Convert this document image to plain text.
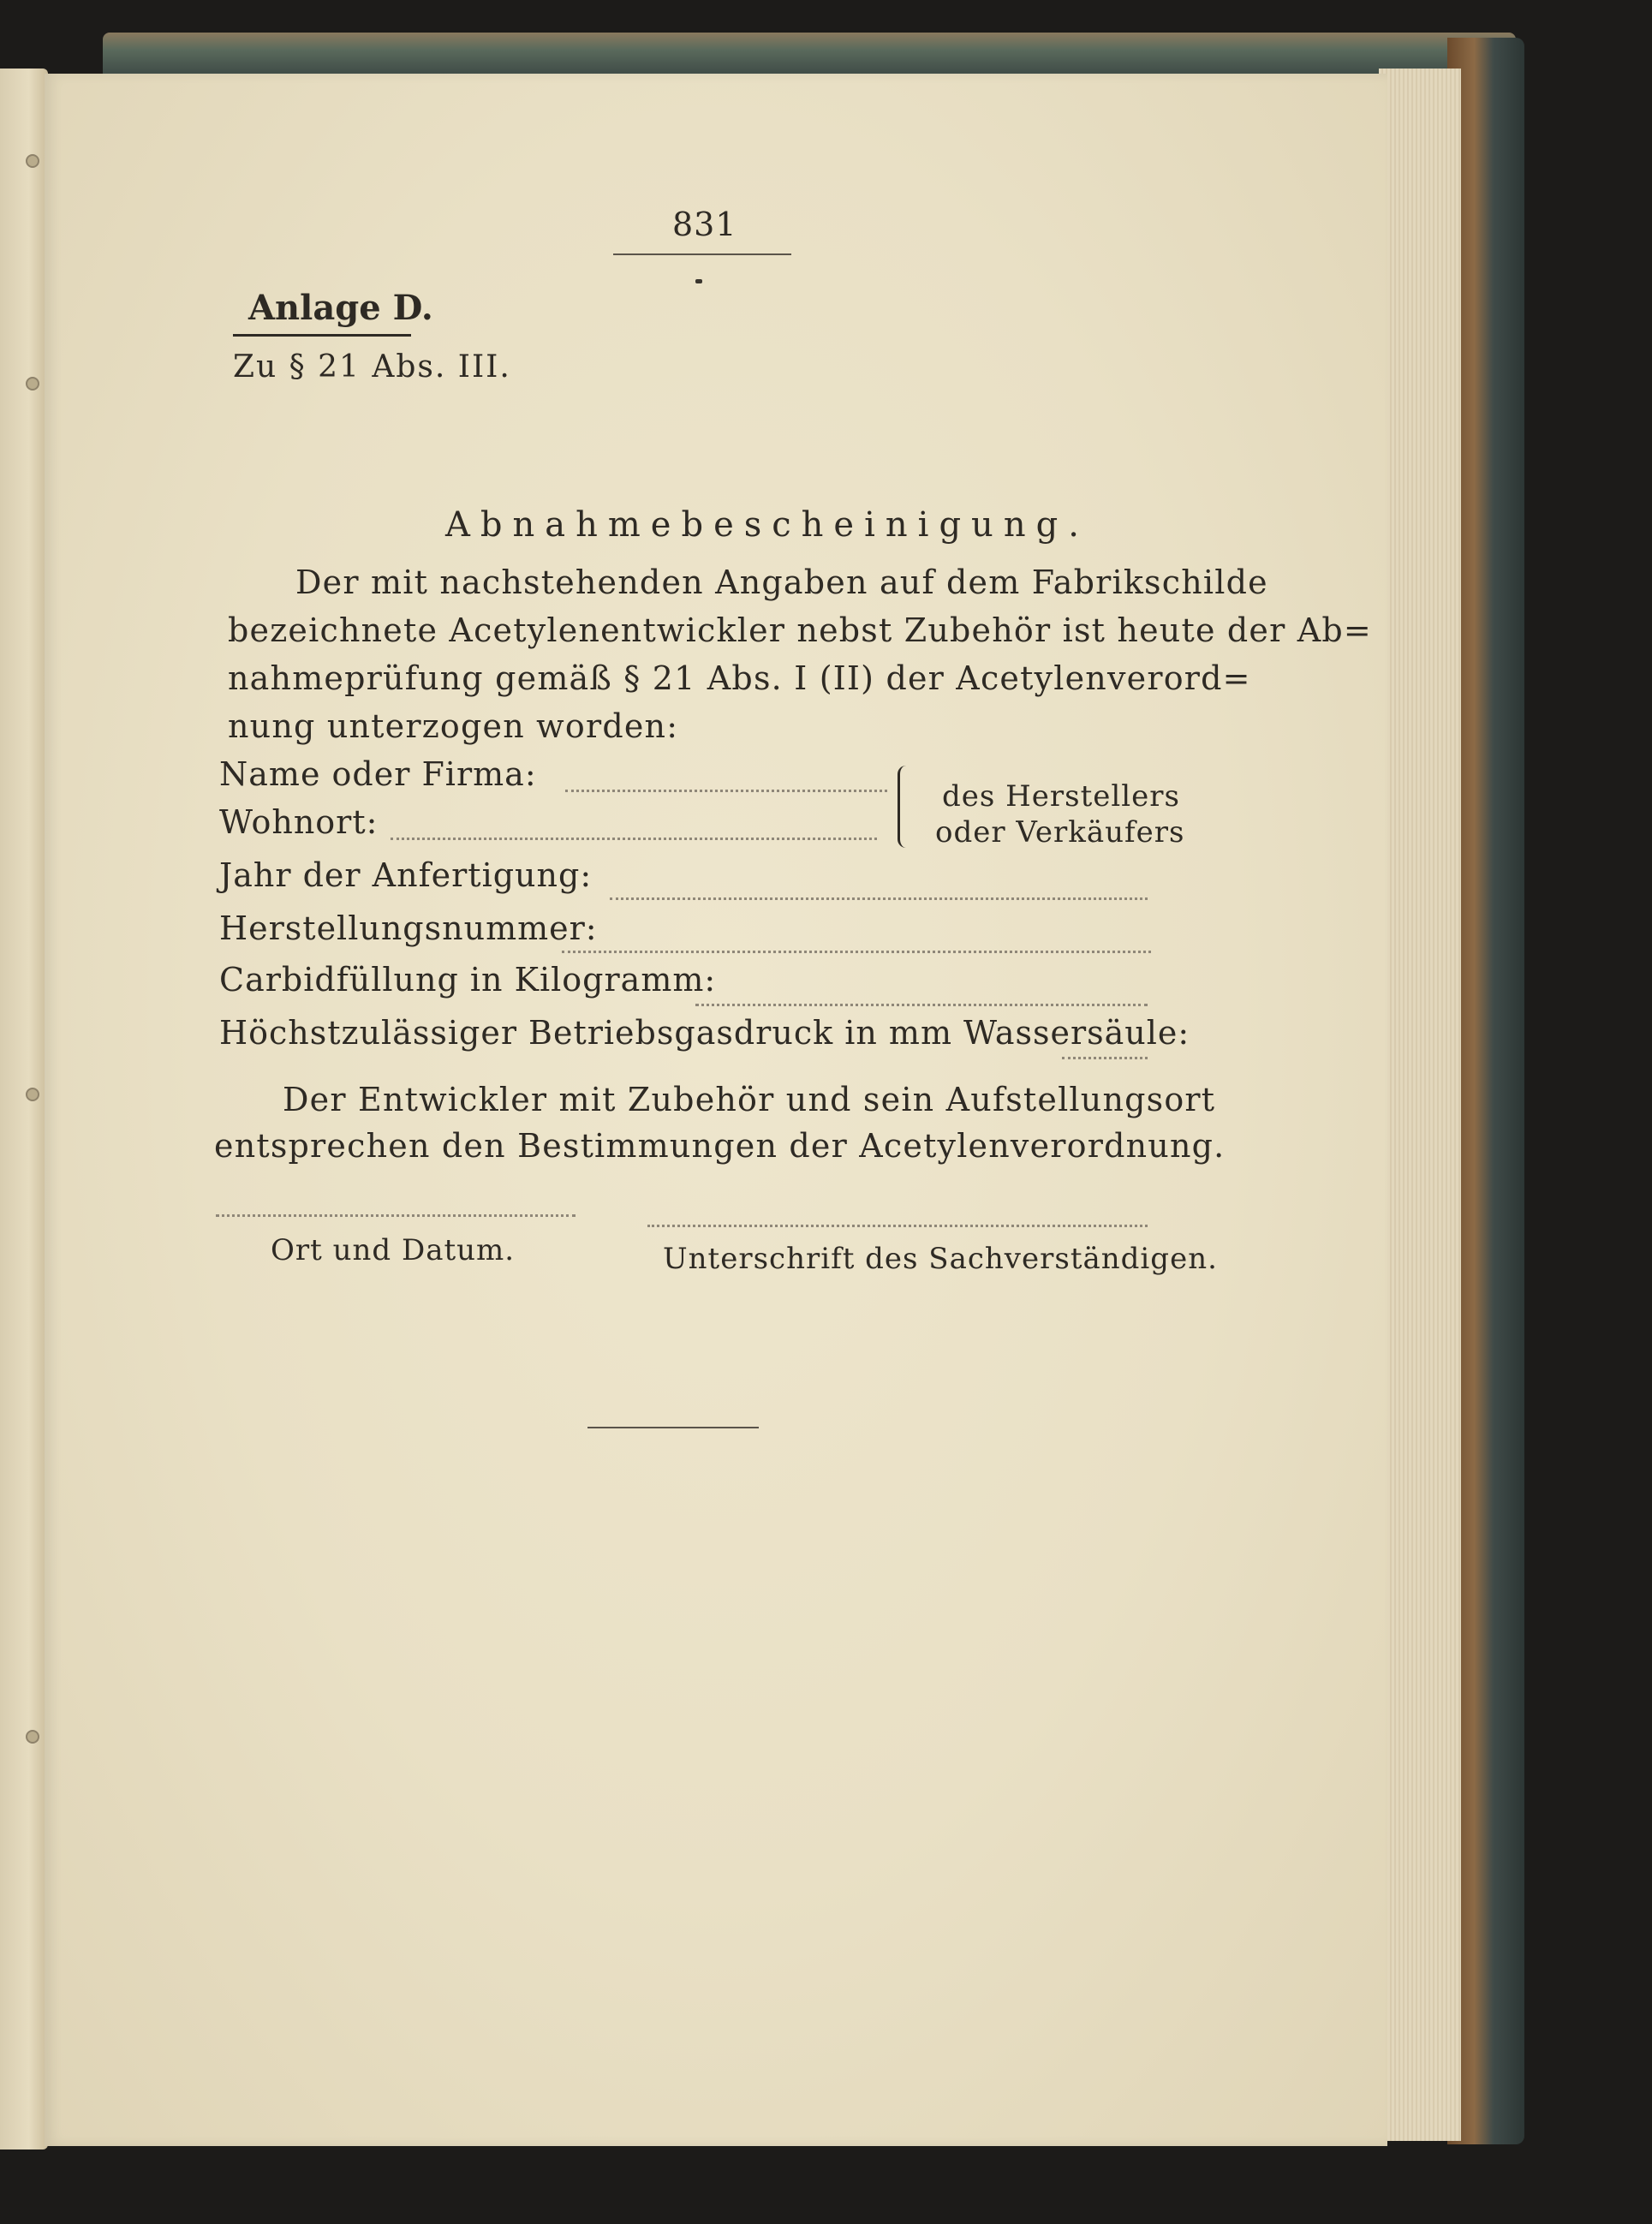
831
Anlage D.
Zu § 21 Abs. III.
Abnahmebescheinigung.
Der mit nachstehenden Angaben auf dem Fabrikschilde
bezeichnete Acetylenentwickler nebst Zubehör ist heute der Ab=
nahmeprüfung gemäß § 21 Abs. I (II) der Acetylenverord=
nung unterzogen worden:
Name oder Firma:
Wohnort:
des Herstellers
oder Verkäufers
Jahr der Anfertigung:
Herstellungsnummer:
Carbidfüllung in Kilogramm:
Höchstzulässiger Betriebsgasdruck in mm Wassersäule:
Der Entwickler mit Zubehör und sein Aufstellungsort
entsprechen den Bestimmungen der Acetylenverordnung.
Ort und Datum.	Unterschrift des Sachverständigen.
